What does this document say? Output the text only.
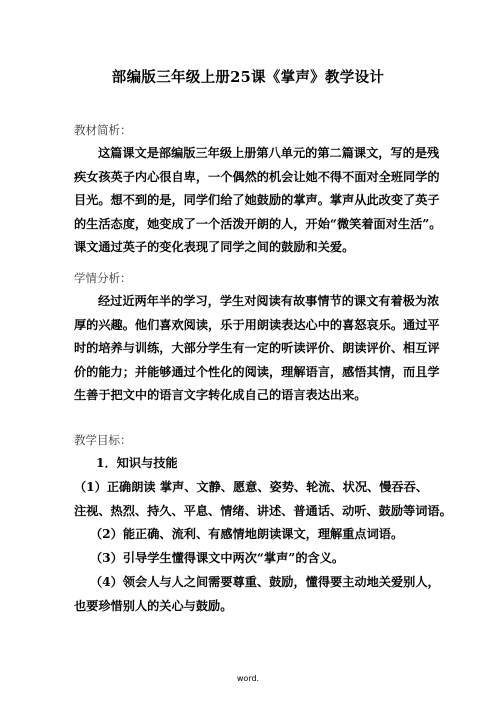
部编版三年级上册25课《掌声》教学设计
教材简析：
这篇课文是部编版三年级上册第八单元的第二篇课文，写的是残
疾女孩英子内心很自卑，一个偶然的机会让她不得不面对全班同学的
目光。想不到的是，同学们给了她鼓励的掌声。掌声从此改变了英子
的生活态度，她变成了一个活泼开朗的人，开始“微笑着面对生活”。
课文通过英子的变化表现了同学之间的鼓励和关爱。
学情分析：
经过近两年半的学习，学生对阅读有故事情节的课文有着极为浓
厚的兴趣。他们喜欢阅读，乐于用朗读表达心中的喜怒哀乐。通过平
时的培养与训练，大部分学生有一定的听读评价、朗读评价、相互评
价的能力；并能够通过个性化的阅读，理解语言，感悟其情，而且学
生善于把文中的语言文字转化成自己的语言表达出来。
教学目标：
1．知识与技能
（1）正确朗读 掌声、文静、愿意、姿势、轮流、状况、慢吞吞、
注视、热烈、持久、平息、情绪、讲述、普通话、动听、鼓励等词语。
（2）能正确、流利、有感情地朗读课文，理解重点词语。
（3）引导学生懂得课文中两次“掌声”的含义。
（4）领会人与人之间需要尊重、鼓励，懂得要主动地关爱别人，
也要珍惜别人的关心与鼓励。
word.
